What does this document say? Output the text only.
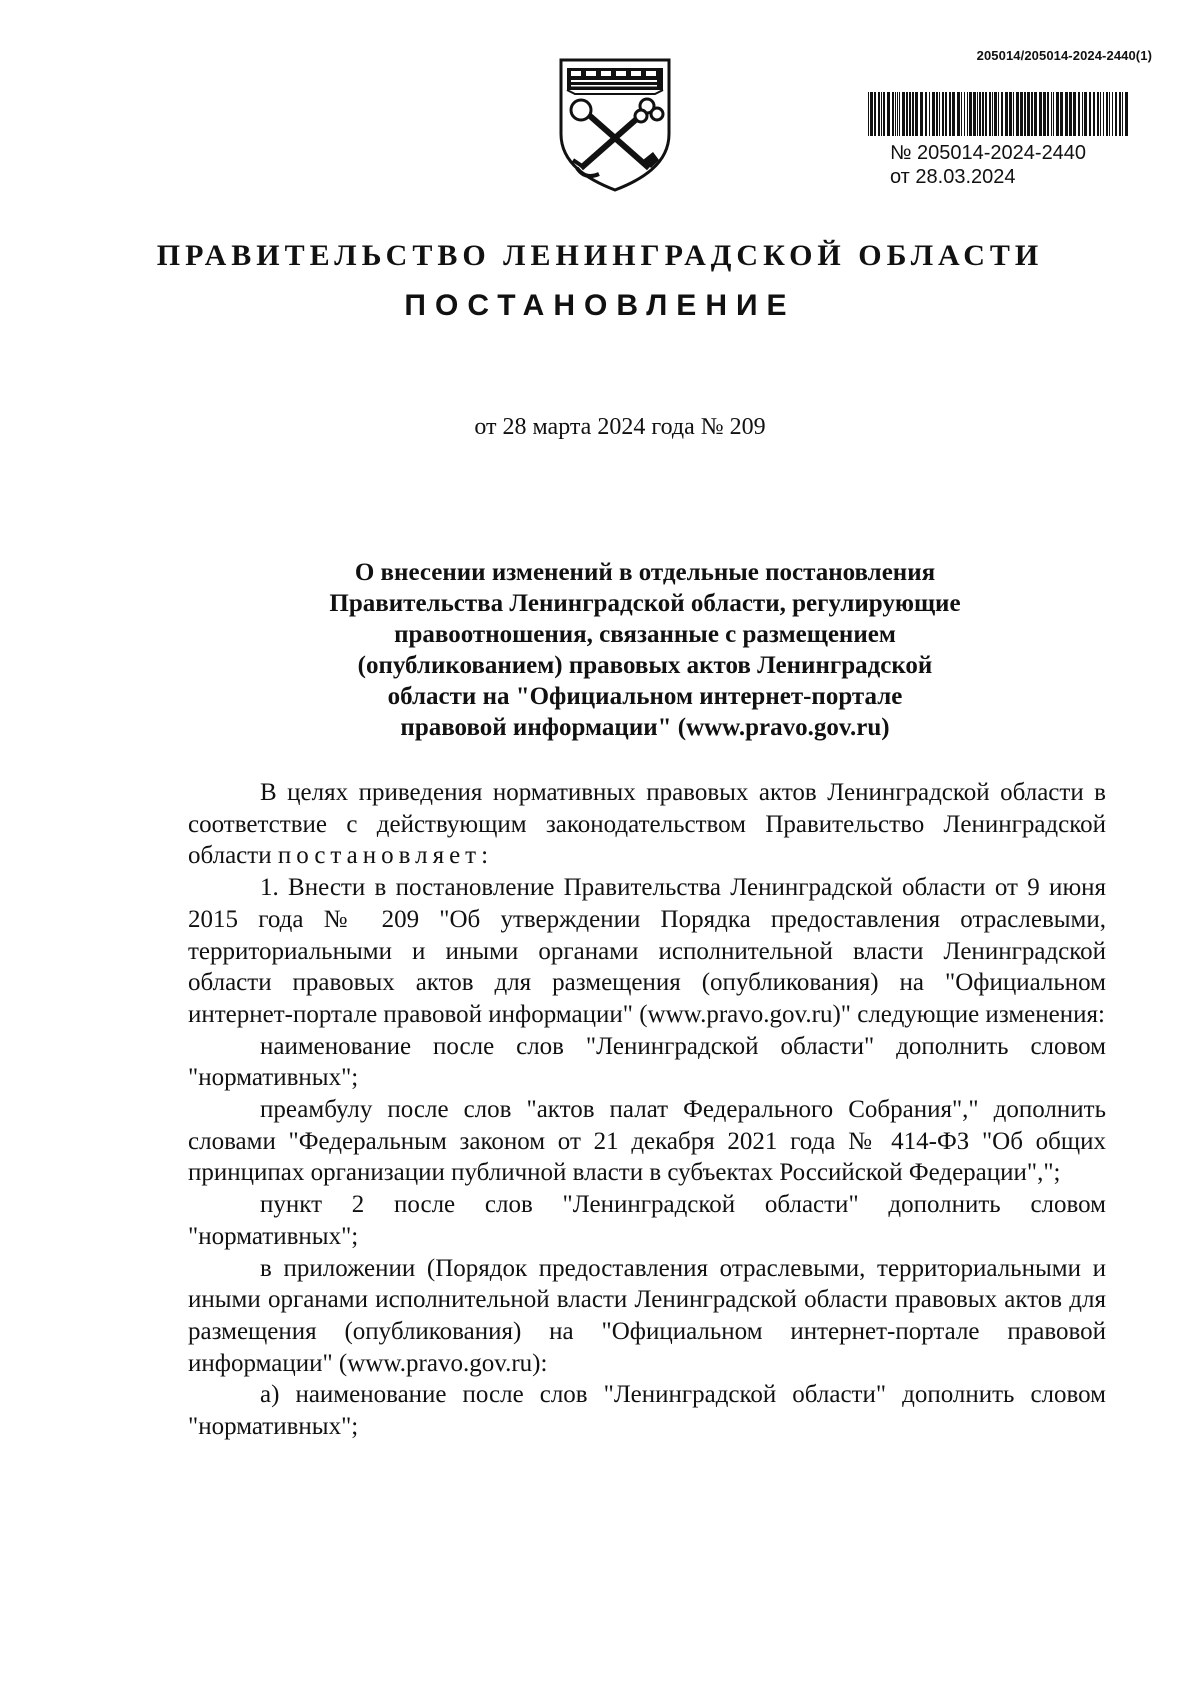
205014/205014-2024-2440(1)
№ 205014-2024-2440
от 28.03.2024
ПРАВИТЕЛЬСТВО ЛЕНИНГРАДСКОЙ ОБЛАСТИ
ПОСТАНОВЛЕНИЕ
от 28 марта 2024 года № 209
О внесении изменений в отдельные постановления
Правительства Ленинградской области, регулирующие
правоотношения, связанные с размещением
(опубликованием) правовых актов Ленинградской
области на "Официальном интернет-портале
правовой информации" (www.pravo.gov.ru)

В целях приведения нормативных правовых актов Ленинградской области в соответствие с действующим законодательством Правительство Ленинградской области постановляет:

1. Внести в постановление Правительства Ленинградской области от 9 июня 2015 года № 209 "Об утверждении Порядка предоставления отраслевыми, территориальными и иными органами исполнительной власти Ленинградской области правовых актов для размещения (опубликования) на "Официальном интернет-портале правовой информации" (www.pravo.gov.ru)" следующие изменения:

наименование после слов "Ленинградской области" дополнить словом "нормативных";

преамбулу после слов "актов палат Федерального Собрания"," дополнить словами "Федеральным законом от 21 декабря 2021 года № 414-ФЗ "Об общих принципах организации публичной власти в субъектах Российской Федерации",";

пункт 2 после слов "Ленинградской области" дополнить словом "нормативных";

в приложении (Порядок предоставления отраслевыми, территориальными и иными органами исполнительной власти Ленинградской области правовых актов для размещения (опубликования) на "Официальном интернет-портале правовой информации" (www.pravo.gov.ru):

а) наименование после слов "Ленинградской области" дополнить словом "нормативных";
